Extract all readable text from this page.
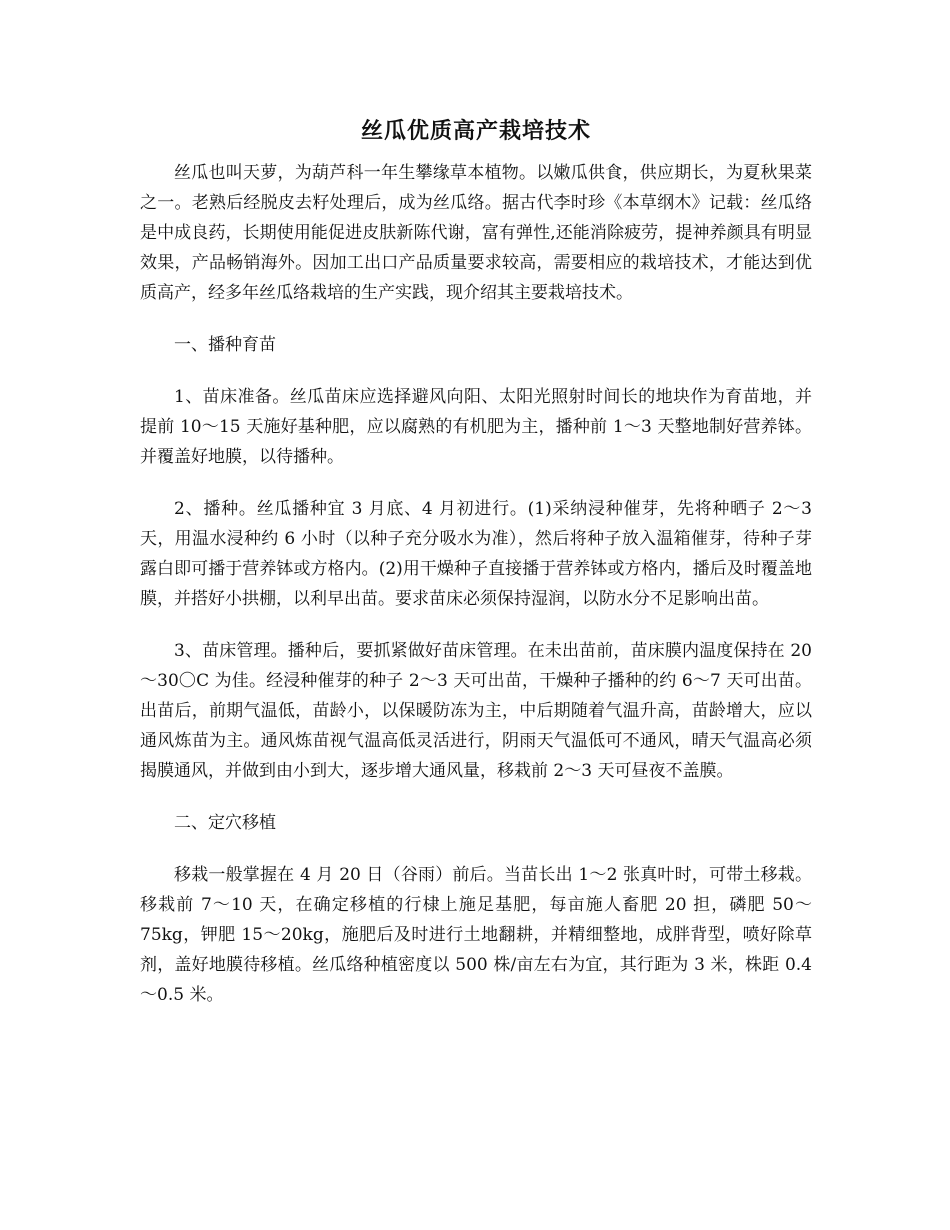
丝瓜优质高产栽培技术

丝瓜也叫天萝，为葫芦科一年生攀缘草本植物。以嫩瓜供食，供应期长，为夏秋果菜之一。老熟后经脱皮去籽处理后，成为丝瓜络。据古代李时珍《本草纲木》记载：丝瓜络是中成良药，长期使用能促进皮肤新陈代谢，富有弹性,还能消除疲劳，提神养颜具有明显效果，产品畅销海外。因加工出口产品质量要求较高，需要相应的栽培技术，才能达到优质高产，经多年丝瓜络栽培的生产实践，现介绍其主要栽培技术。

一、播种育苗

1、苗床准备。丝瓜苗床应选择避风向阳、太阳光照射时间长的地块作为育苗地，并提前 10～15 天施好基种肥，应以腐熟的有机肥为主，播种前 1～3 天整地制好营养钵。并覆盖好地膜，以待播种。

2、播种。丝瓜播种宜 3 月底、4 月初进行。(1)采纳浸种催芽，先将种晒子 2～3 天，用温水浸种约 6 小时（以种子充分吸水为准），然后将种子放入温箱催芽，待种子芽露白即可播于营养钵或方格内。(2)用干燥种子直接播于营养钵或方格内，播后及时覆盖地膜，并搭好小拱棚，以利早出苗。要求苗床必须保持湿润，以防水分不足影响出苗。

3、苗床管理。播种后，要抓紧做好苗床管理。在未出苗前，苗床膜内温度保持在 20～30〇C 为佳。经浸种催芽的种子 2～3 天可出苗，干燥种子播种的约 6～7 天可出苗。出苗后，前期气温低，苗龄小，以保暖防冻为主，中后期随着气温升高，苗龄增大，应以通风炼苗为主。通风炼苗视气温高低灵活进行，阴雨天气温低可不通风，晴天气温高必须揭膜通风，并做到由小到大，逐步增大通风量，移栽前 2～3 天可昼夜不盖膜。

二、定穴移植

移栽一般掌握在 4 月 20 日（谷雨）前后。当苗长出 1～2 张真叶时，可带土移栽。移栽前 7～10 天，在确定移植的行棣上施足基肥，每亩施人畜肥 20 担，磷肥 50～75kg，钾肥 15～20kg，施肥后及时进行土地翻耕，并精细整地，成胖背型，喷好除草剂，盖好地膜待移植。丝瓜络种植密度以 500 株/亩左右为宜，其行距为 3 米，株距 0.4～0.5 米。
